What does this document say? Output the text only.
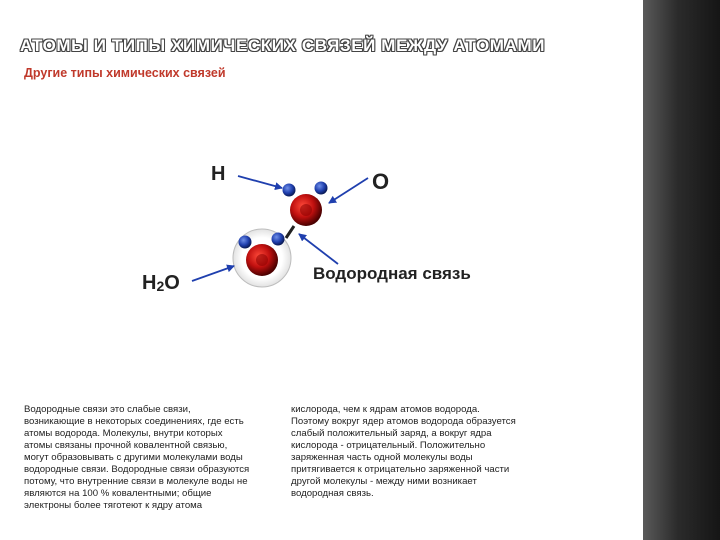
АТОМЫ И ТИПЫ ХИМИЧЕСКИХ СВЯЗЕЙ МЕЖДУ АТОМАМИ
Другие типы химических связей
H	O
$H_2O$	Водородная связь
Водородные связи это слабые связи,
возникающие в некоторых соединениях, где есть
атомы водорода. Молекулы, внутри которых
атомы связаны прочной ковалентной связью,
могут образовывать с другими молекулами воды
водородные связи. Водородные связи образуются
потому, что внутренние связи в молекуле воды не
являются на 100 % ковалентными; общие
электроны более тяготеют к ядру атома
кислорода, чем к ядрам атомов водорода.
Поэтому вокруг ядер атомов водорода образуется
слабый положительный заряд, а вокруг ядра
кислорода - отрицательный. Положительно
заряженная часть одной молекулы воды
притягивается к отрицательно заряженной части
другой молекулы - между ними возникает
водородная связь.
